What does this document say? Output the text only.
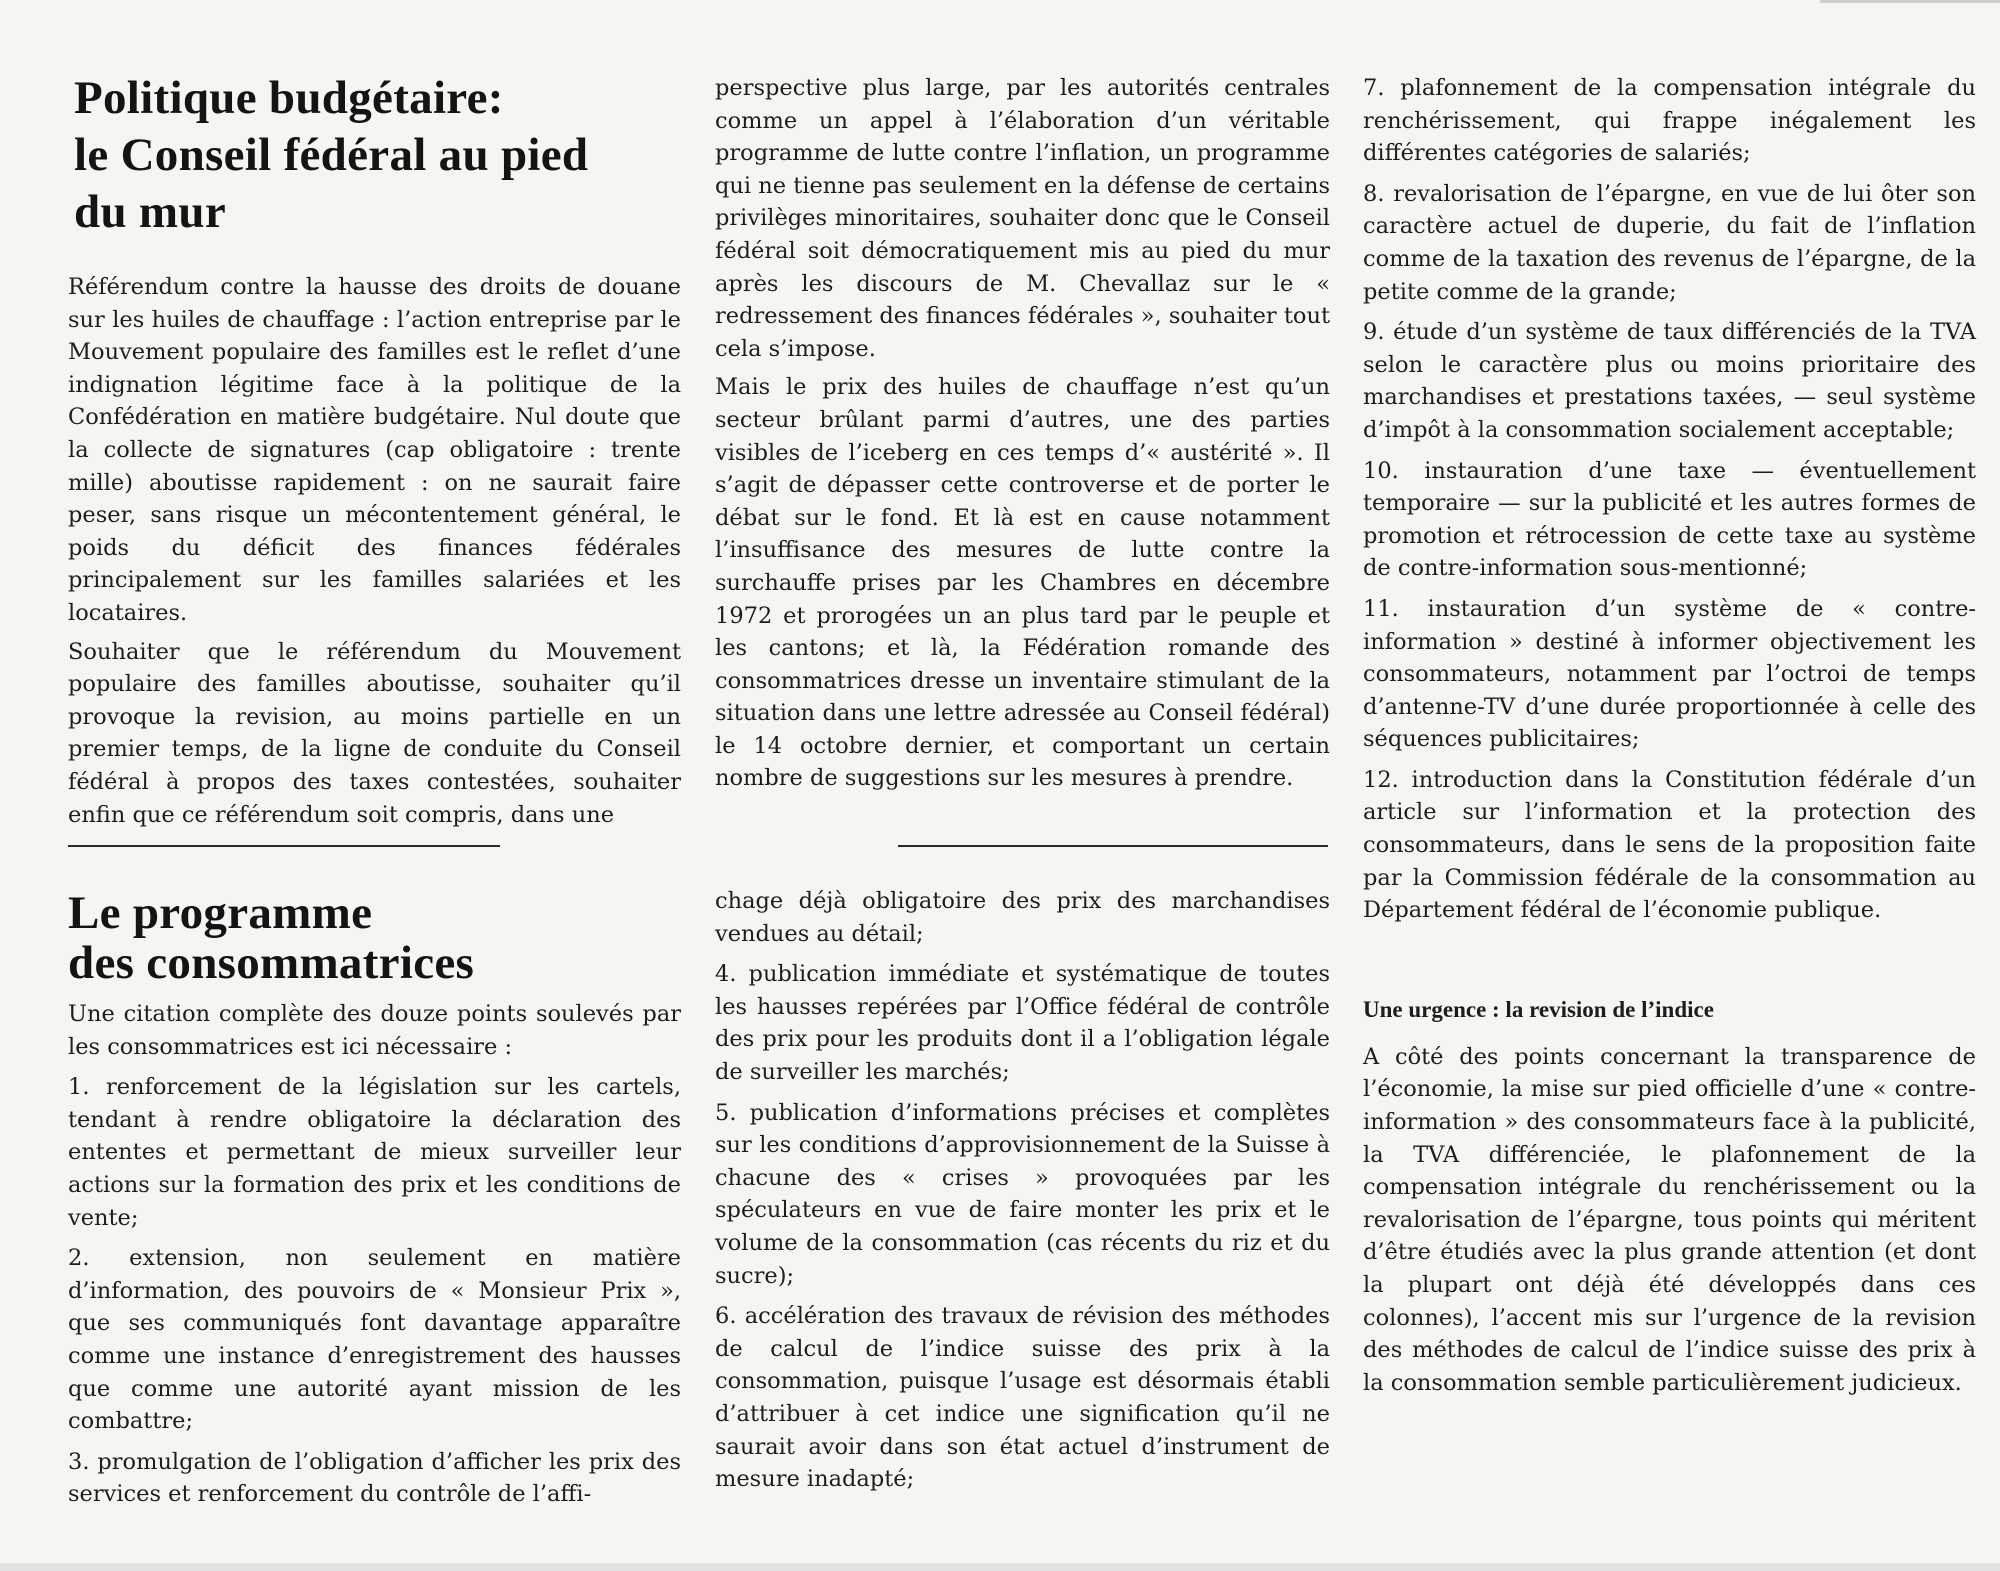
Politique budgétaire:
le Conseil fédéral au pied
du mur

Référendum contre la hausse des droits de douane sur les huiles de chauffage : l’action entreprise par le Mouvement populaire des familles est le reflet d’une indignation légitime face à la politique de la Confédération en matière budgétaire. Nul doute que la collecte de signatures (cap obligatoire : trente mille) aboutisse rapidement : on ne saurait faire peser, sans risque un mécontentement général, le poids du déficit des finances fédérales principalement sur les familles salariées et les locataires.

Souhaiter que le référendum du Mouvement populaire des familles aboutisse, souhaiter qu’il provoque la revision, au moins partielle en un premier temps, de la ligne de conduite du Conseil fédéral à propos des taxes contestées, souhaiter enfin que ce référendum soit compris, dans une

perspective plus large, par les autorités centrales comme un appel à l’élaboration d’un véritable programme de lutte contre l’inflation, un programme qui ne tienne pas seulement en la défense de certains privilèges minoritaires, souhaiter donc que le Conseil fédéral soit démocratiquement mis au pied du mur après les discours de M. Chevallaz sur le « redressement des finances fédérales », souhaiter tout cela s’impose.

Mais le prix des huiles de chauffage n’est qu’un secteur brûlant parmi d’autres, une des parties visibles de l’iceberg en ces temps d’« austérité ». Il s’agit de dépasser cette controverse et de porter le débat sur le fond. Et là est en cause notamment l’insuffisance des mesures de lutte contre la surchauffe prises par les Chambres en décembre 1972 et prorogées un an plus tard par le peuple et les cantons; et là, la Fédération romande des consommatrices dresse un inventaire stimulant de la situation dans une lettre adressée au Conseil fédéral) le 14 octobre dernier, et comportant un certain nombre de suggestions sur les mesures à prendre.

Le programme
des consommatrices

Une citation complète des douze points soulevés par les consommatrices est ici nécessaire :

1. renforcement de la législation sur les cartels, tendant à rendre obligatoire la déclaration des ententes et permettant de mieux surveiller leur actions sur la formation des prix et les conditions de vente;

2. extension, non seulement en matière d’information, des pouvoirs de « Monsieur Prix », que ses communiqués font davantage apparaître comme une instance d’enregistrement des hausses que comme une autorité ayant mission de les combattre;

3. promulgation de l’obligation d’afficher les prix des services et renforcement du contrôle de l’affi-

chage déjà obligatoire des prix des marchandises vendues au détail;

4. publication immédiate et systématique de toutes les hausses repérées par l’Office fédéral de contrôle des prix pour les produits dont il a l’obligation légale de surveiller les marchés;

5. publication d’informations précises et complètes sur les conditions d’approvisionnement de la Suisse à chacune des « crises » provoquées par les spéculateurs en vue de faire monter les prix et le volume de la consommation (cas récents du riz et du sucre);

6. accélération des travaux de révision des méthodes de calcul de l’indice suisse des prix à la consommation, puisque l’usage est désormais établi d’attribuer à cet indice une signification qu’il ne saurait avoir dans son état actuel d’instrument de mesure inadapté;

7. plafonnement de la compensation intégrale du renchérissement, qui frappe inégalement les différentes catégories de salariés;

8. revalorisation de l’épargne, en vue de lui ôter son caractère actuel de duperie, du fait de l’inflation comme de la taxation des revenus de l’épargne, de la petite comme de la grande;

9. étude d’un système de taux différenciés de la TVA selon le caractère plus ou moins prioritaire des marchandises et prestations taxées, — seul système d’impôt à la consommation socialement acceptable;

10. instauration d’une taxe — éventuellement temporaire — sur la publicité et les autres formes de promotion et rétrocession de cette taxe au système de contre-information sous-mentionné;

11. instauration d’un système de « contre-information » destiné à informer objectivement les consommateurs, notamment par l’octroi de temps d’antenne-TV d’une durée proportionnée à celle des séquences publicitaires;

12. introduction dans la Constitution fédérale d’un article sur l’information et la protection des consommateurs, dans le sens de la proposition faite par la Commission fédérale de la consommation au Département fédéral de l’économie publique.

Une urgence : la revision de l’indice

A côté des points concernant la transparence de l’économie, la mise sur pied officielle d’une « contre-information » des consommateurs face à la publicité, la TVA différenciée, le plafonnement de la compensation intégrale du renchérissement ou la revalorisation de l’épargne, tous points qui méritent d’être étudiés avec la plus grande attention (et dont la plupart ont déjà été développés dans ces colonnes), l’accent mis sur l’urgence de la revision des méthodes de calcul de l’indice suisse des prix à la consommation semble particulièrement judicieux.
